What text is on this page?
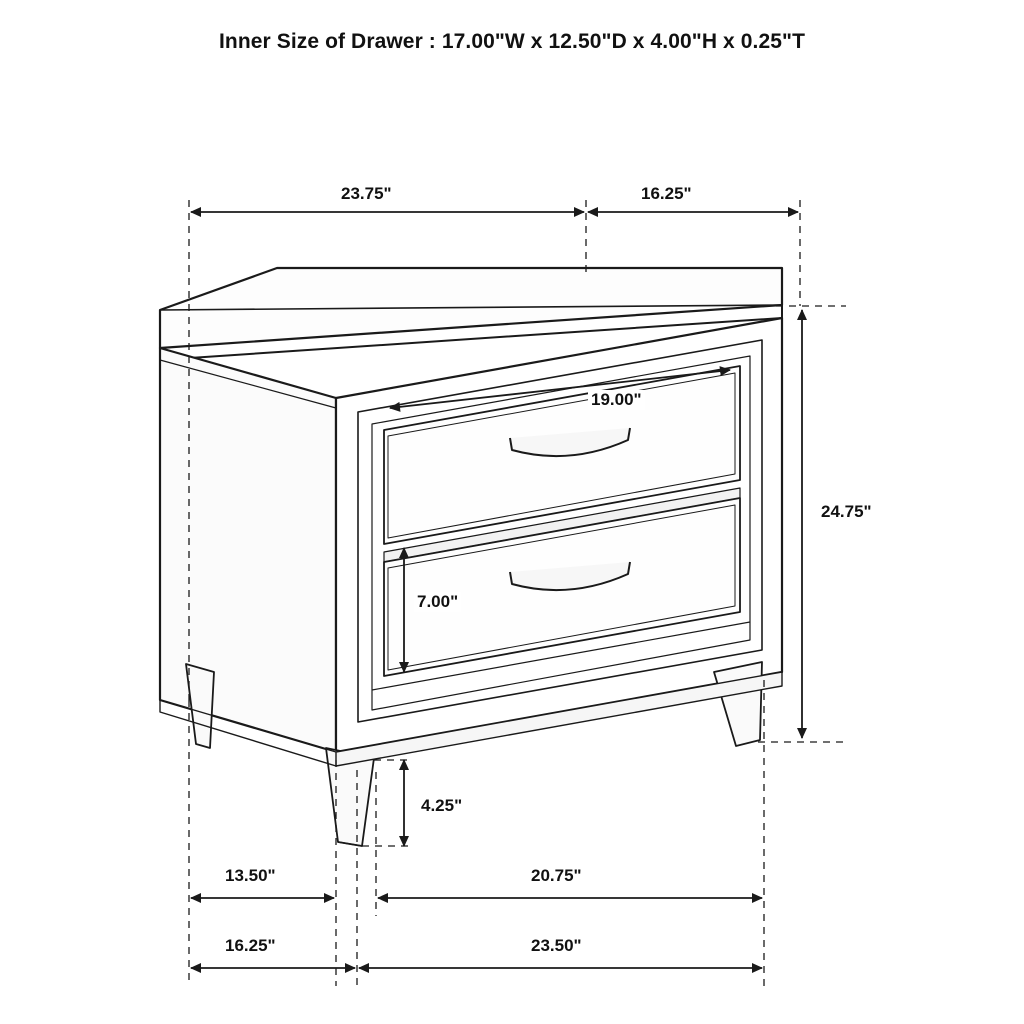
Inner Size of Drawer : 17.00"W x 12.50"D x 4.00"H x 0.25"T
23.75"	16.25"
19.00"
24.75"
7.00"
4.25"
13.50"	20.75"
16.25"	23.50"
